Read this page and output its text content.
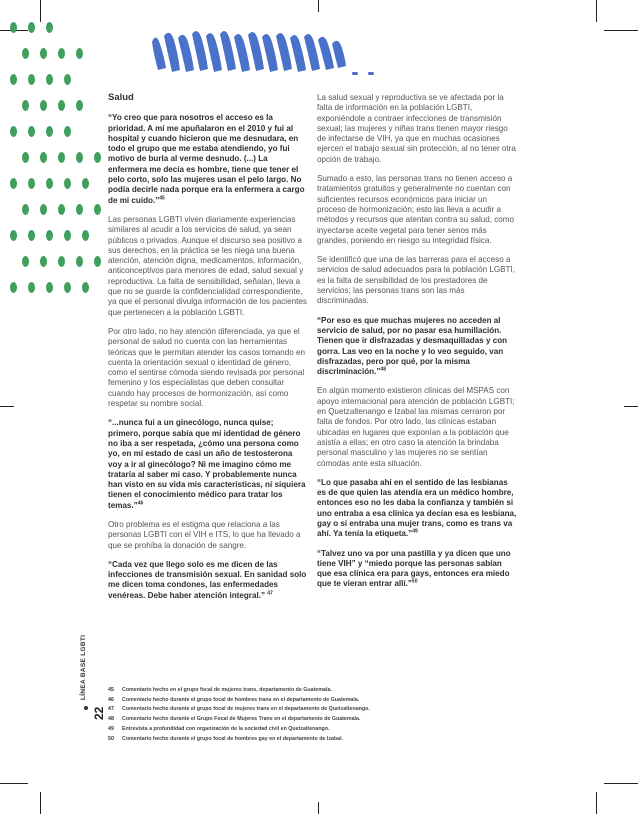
LÍNEA BASE LGBTI
22

Salud

“Yo creo que para nosotros el acceso es la prioridad. A mí me apuñalaron en el 2010 y fui al hospital y cuando hicieron que me desnudara, en todo el grupo que me estaba atendiendo, yo fui motivo de burla al verme desnudo. (...) La enfermera me decía es hombre, tiene que tener el pelo corto, solo las mujeres usan el pelo largo. No podía decirle nada porque era la enfermera a cargo de mi cuido.”$^{45}$

Las personas LGBTI viven diariamente experiencias similares al acudir a los servicios de salud, ya sean públicos o privados. Aunque el discurso sea positivo a sus derechos, en la práctica se les niega una buena atención, atención digna, medicamentos, información, anticonceptivos para menores de edad, salud sexual y reproductiva. La falta de sensibilidad, señalan, lleva a que no se guarde la confidencialidad correspondiente, ya que el personal divulga información de los pacientes que pertenecen a la población LGBTI.

Por otro lado, no hay atención diferenciada, ya que el personal de salud no cuenta con las herramientas teóricas que le permitan atender los casos tomando en cuenta la orientación sexual o identidad de género, como el sentirse cómoda siendo revisada por personal femenino y los especialistas que deben consultar cuando hay procesos de hormonización, así como respetar su nombre social.

“...nunca fui a un ginecólogo, nunca quise; primero, porque sabía que mi identidad de género no iba a ser respetada, ¿cómo una persona como yo, en mi estado de casi un año de testosterona voy a ir al ginecólogo? Ni me imagino cómo me trataría al saber mi caso. Y probablemente nunca han visto en su vida mis características, ni siquiera tienen el conocimiento médico para tratar los temas.”$^{46}$

Otro problema es el estigma que relaciona a las personas LGBTI con el VIH e ITS, lo que ha llevado a que se prohíba la donación de sangre.

“Cada vez que llego solo es me dicen de las infecciones de transmisión sexual. En sanidad solo me dicen toma condones, las enfermedades venéreas. Debe haber atención integral.” $^{47}$

La salud sexual y reproductiva se ve afectada por la falta de información en la población LGBTI, exponiéndole a contraer infecciones de transmisión sexual; las mujeres y niñas trans tienen mayor riesgo de infectarse de VIH, ya que en muchas ocasiones ejercen el trabajo sexual sin protección, al no tener otra opción de trabajo.

Sumado a esto, las personas trans no tienen acceso a tratamientos gratuitos y generalmente no cuentan con suficientes recursos económicos para iniciar un proceso de hormonización; esto las lleva a acudir a métodos y recursos que atentan contra su salud, como inyectarse aceite vegetal para tener senos más grandes, poniendo en riesgo su integridad física.

Se identificó que una de las barreras para el acceso a servicios de salud adecuados para la población LGBTI, es la falta de sensibilidad de los prestadores de servicios; las personas trans son las más discriminadas.

“Por eso es que muchas mujeres no acceden al servicio de salud, por no pasar esa humillación. Tienen que ir disfrazadas y desmaquilladas y con gorra. Las veo en la noche y lo veo seguido, van disfrazadas, pero por qué, por la misma discriminación.”$^{48}$

En algún momento existieron clínicas del MSPAS con apoyo internacional para atención de población LGBTI; en Quetzaltenango e Izabal las mismas cerraron por falta de fondos. Por otro lado, las clínicas estaban ubicadas en lugares que exponían a la población que asistía a ellas; en otro caso la atención la brindaba personal masculino y las mujeres no se sentían cómodas ante esta situación.

“Lo que pasaba ahí en el sentido de las lesbianas es de que quien las atendía era un médico hombre, entonces eso no les daba la confianza y también si uno entraba a esa clínica ya decían esa es lesbiana, gay o si entraba una mujer trans, como es trans va ahí. Ya tenía la etiqueta.”$^{49}$

“Talvez uno va por una pastilla y ya dicen que uno tiene VIH” y “miedo porque las personas sabían que esa clínica era para gays, entonces era miedo que te vieran entrar allí.”$^{50}$

45	Comentario hecho en el grupo focal de mujeres trans, departamento de Guatemala.
46	Comentario hecho durante el grupo focal de hombres trans en el departamento de Guatemala.
47	Comentario hecho durante el grupo focal de mujeres trans en el departamento de Quetzaltenango.
48	Comentario hecho durante el Grupo Focal de Mujeres Trans en el departamento de Guatemala.
49	Entrevista a profundidad con organización de la sociedad civil en Quetzaltenango.
50	Comentario hecho durante el grupo focal de hombres gay en el departamento de Izabal.
